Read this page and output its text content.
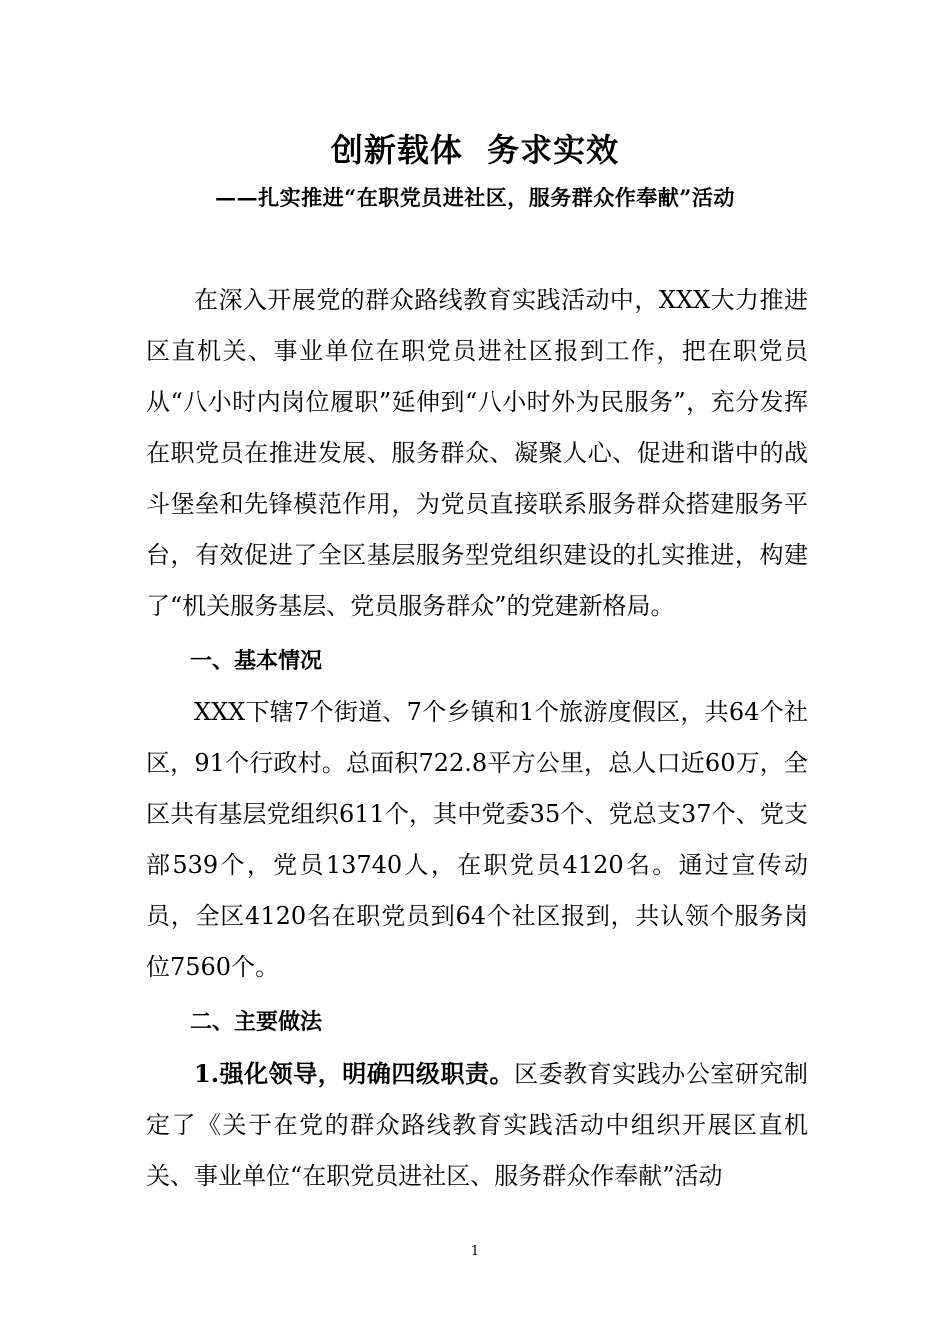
创新载体  务求实效
——扎实推进“在职党员进社区，服务群众作奉献”活动

在深入开展党的群众路线教育实践活动中，XXX大力推进区直机关、事业单位在职党员进社区报到工作，把在职党员从“八小时内岗位履职”延伸到“八小时外为民服务”，充分发挥在职党员在推进发展、服务群众、凝聚人心、促进和谐中的战斗堡垒和先锋模范作用，为党员直接联系服务群众搭建服务平台，有效促进了全区基层服务型党组织建设的扎实推进，构建了“机关服务基层、党员服务群众”的党建新格局。

一、基本情况

XXX下辖7个街道、7个乡镇和1个旅游度假区，共64个社区，91个行政村。总面积722.8平方公里，总人口近60万，全区共有基层党组织611个，其中党委35个、党总支37个、党支部539个，党员13740人，在职党员4120名。通过宣传动员，全区4120名在职党员到64个社区报到，共认领个服务岗位7560个。

二、主要做法

1.强化领导，明确四级职责。区委教育实践办公室研究制定了《关于在党的群众路线教育实践活动中组织开展区直机关、事业单位“在职党员进社区、服务群众作奉献”活动

1
